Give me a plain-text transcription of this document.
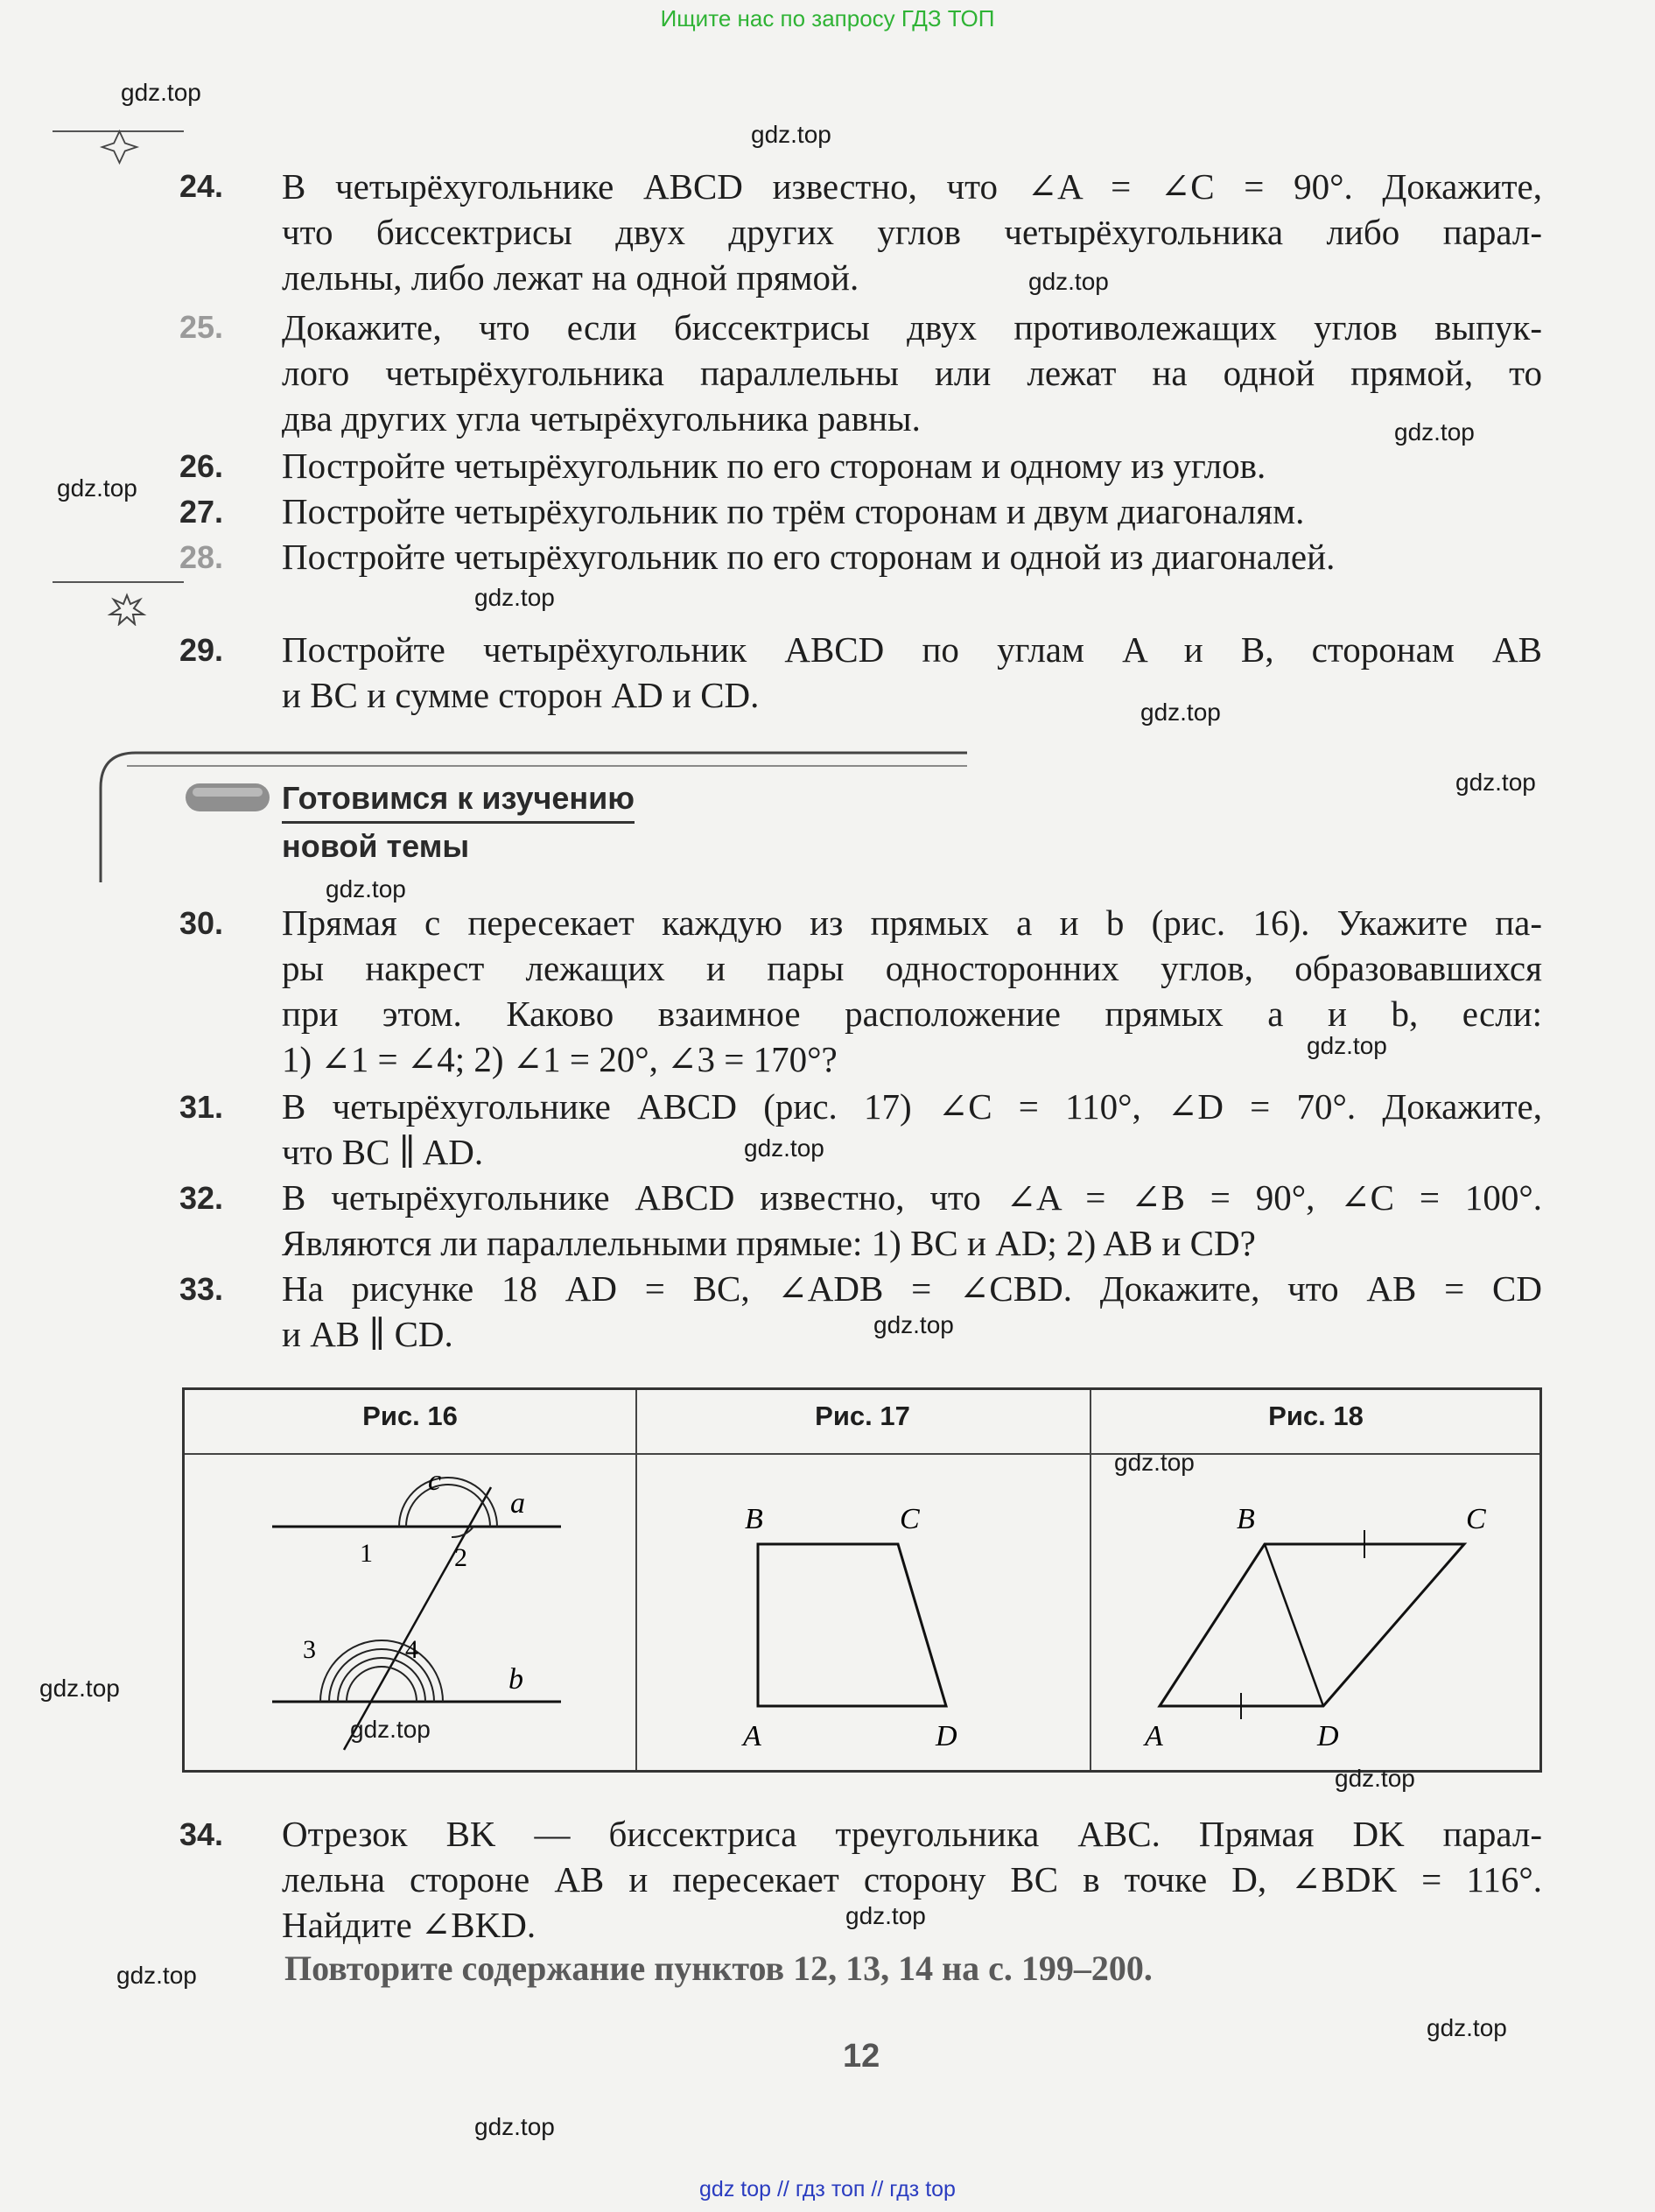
Ищите нас по запросу ГДЗ ТОП
24. В четырёхугольнике ABCD известно, что ∠A = ∠C = 90°. Докажите,
что биссектрисы двух других углов четырёхугольника либо парал-
лельны, либо лежат на одной прямой.
25. Докажите, что если биссектрисы двух противолежащих углов выпук-
лого четырёхугольника параллельны или лежат на одной прямой, то
два других угла четырёхугольника равны.
26. Постройте четырёхугольник по его сторонам и одному из углов.
27. Постройте четырёхугольник по трём сторонам и двум диагоналям.
28. Постройте четырёхугольник по его сторонам и одной из диагоналей.
29. Постройте четырёхугольник ABCD по углам A и B, сторонам AB
и BC и сумме сторон AD и CD.
Готовимся к изучению
новой темы
30. Прямая c пересекает каждую из прямых a и b (рис. 16). Укажите па-
ры накрест лежащих и пары односторонних углов, образовавшихся
при этом. Каково взаимное расположение прямых a и b, если:
1) ∠1 = ∠4; 2) ∠1 = 20°, ∠3 = 170°?
31. В четырёхугольнике ABCD (рис. 17) ∠C = 110°, ∠D = 70°. Докажите,
что BC ∥ AD.
32. В четырёхугольнике ABCD известно, что ∠A = ∠B = 90°, ∠C = 100°.
Являются ли параллельными прямые: 1) BC и AD; 2) AB и CD?
33. На рисунке 18 AD = BC, ∠ADB = ∠CBD. Докажите, что AB = CD
и AB ∥ CD.
Рис. 16	Рис. 17	Рис. 18
c
a
b
1	2
3	4
B	C
A	D
B	C
A	D
34. Отрезок BK — биссектриса треугольника ABC. Прямая DK парал-
лельна стороне AB и пересекает сторону BC в точке D, ∠BDK = 116°.
Найдите ∠BKD.
Повторите содержание пунктов 12, 13, 14 на с. 199–200.
12
gdz.top
gdz.top
gdz.top
gdz.top
gdz.top
gdz.top
gdz.top
gdz.top
gdz.top
gdz.top
gdz.top
gdz.top
gdz.top
gdz.top
gdz.top
gdz.top
gdz.top
gdz.top
gdz.top
gdz.top
gdz top // гдз топ // гдз top
